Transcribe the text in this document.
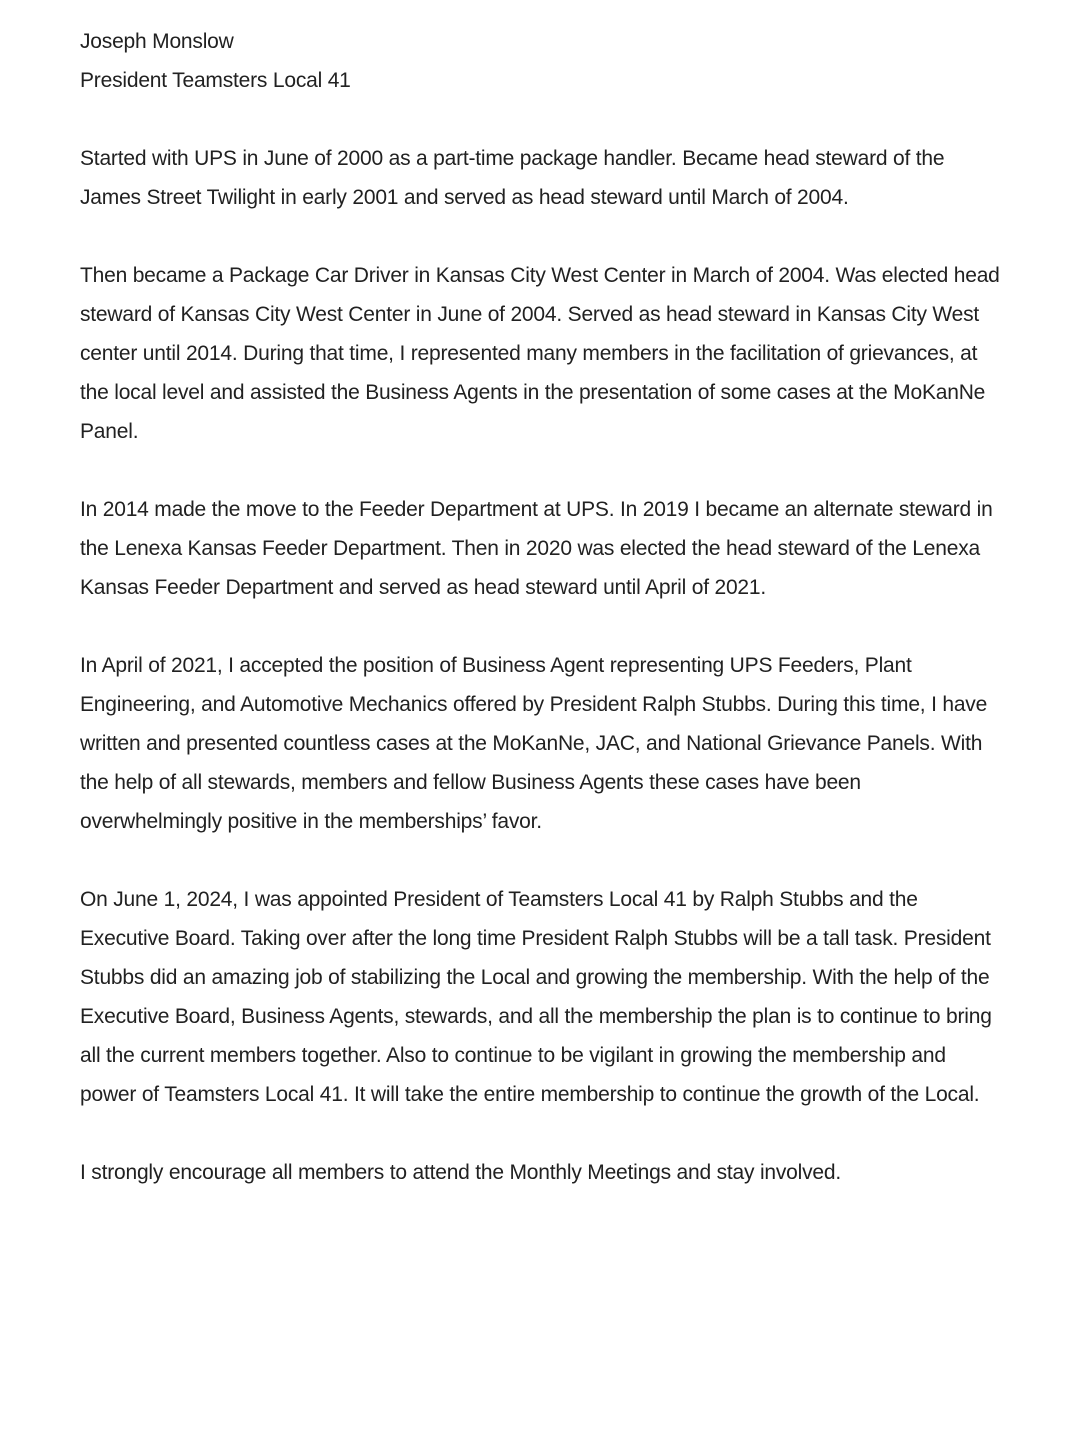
Joseph Monslow

President Teamsters Local 41

Started with UPS in June of 2000 as a part-time package handler. Became head steward of the James Street Twilight in early 2001 and served as head steward until March of 2004.

Then became a Package Car Driver in Kansas City West Center in March of 2004. Was elected head steward of Kansas City West Center in June of 2004. Served as head steward in Kansas City West center until 2014. During that time, I represented many members in the facilitation of grievances, at the local level and assisted the Business Agents in the presentation of some cases at the MoKanNe Panel.

In 2014 made the move to the Feeder Department at UPS. In 2019 I became an alternate steward in the Lenexa Kansas Feeder Department. Then in 2020 was elected the head steward of the Lenexa Kansas Feeder Department and served as head steward until April of 2021.

In April of 2021, I accepted the position of Business Agent representing UPS Feeders, Plant Engineering, and Automotive Mechanics offered by President Ralph Stubbs. During this time, I have written and presented countless cases at the MoKanNe, JAC, and National Grievance Panels. With the help of all stewards, members and fellow Business Agents these cases have been overwhelmingly positive in the memberships’ favor.

On June 1, 2024, I was appointed President of Teamsters Local 41 by Ralph Stubbs and the Executive Board. Taking over after the long time President Ralph Stubbs will be a tall task. President Stubbs did an amazing job of stabilizing the Local and growing the membership. With the help of the Executive Board, Business Agents, stewards, and all the membership the plan is to continue to bring all the current members together. Also to continue to be vigilant in growing the membership and power of Teamsters Local 41. It will take the entire membership to continue the growth of the Local.

I strongly encourage all members to attend the Monthly Meetings and stay involved.
